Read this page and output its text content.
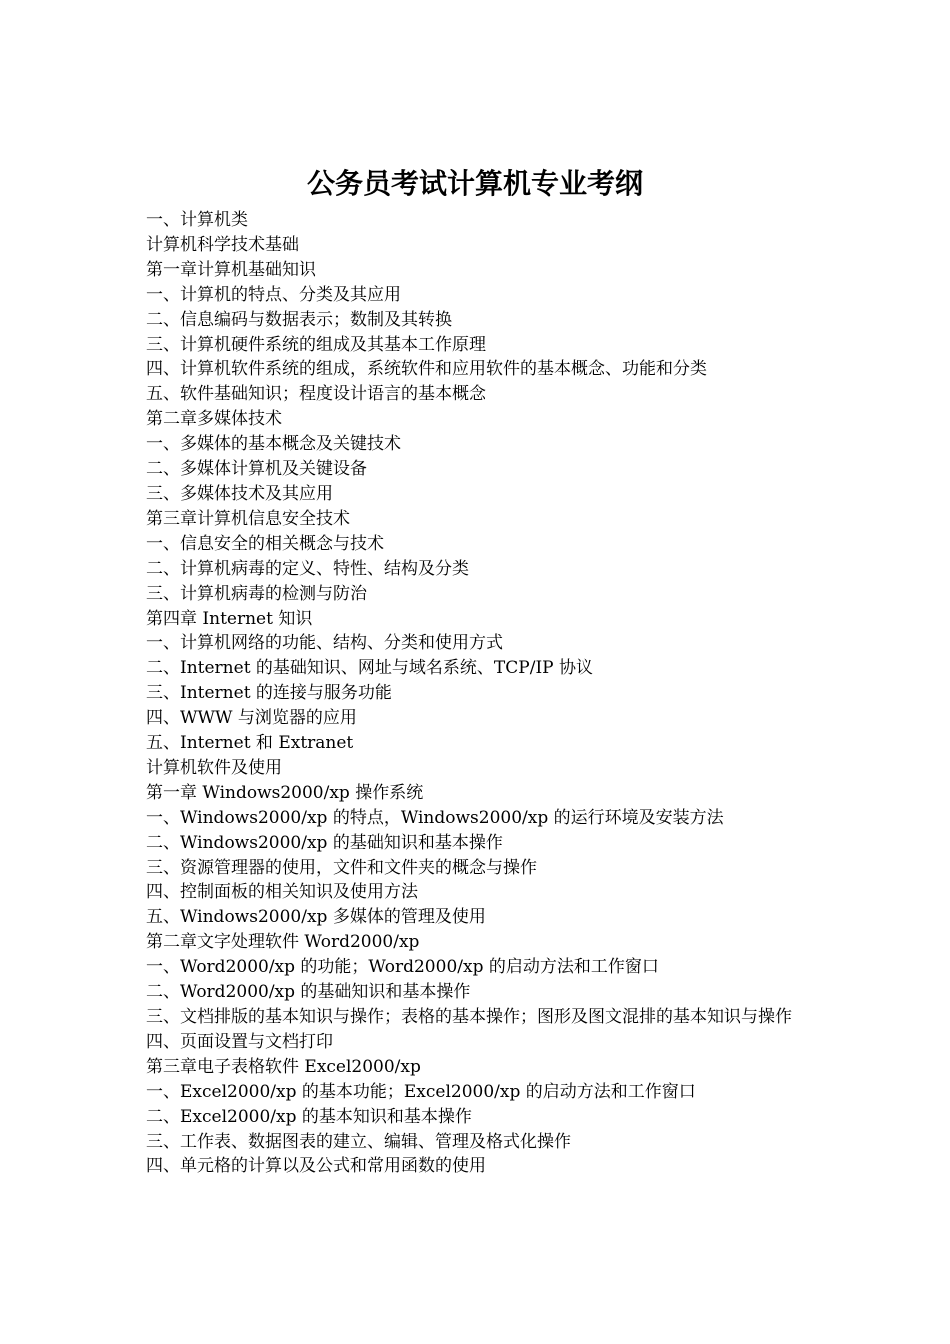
公务员考试计算机专业考纲
一、计算机类
计算机科学技术基础
第一章计算机基础知识
一、计算机的特点、分类及其应用
二、信息编码与数据表示；数制及其转换
三、计算机硬件系统的组成及其基本工作原理
四、计算机软件系统的组成，系统软件和应用软件的基本概念、功能和分类
五、软件基础知识；程度设计语言的基本概念
第二章多媒体技术
一、多媒体的基本概念及关键技术
二、多媒体计算机及关键设备
三、多媒体技术及其应用
第三章计算机信息安全技术
一、信息安全的相关概念与技术
二、计算机病毒的定义、特性、结构及分类
三、计算机病毒的检测与防治
第四章 Internet 知识
一、计算机网络的功能、结构、分类和使用方式
二、Internet 的基础知识、网址与域名系统、TCP/IP 协议
三、Internet 的连接与服务功能
四、WWW 与浏览器的应用
五、Internet 和 Extranet
计算机软件及使用
第一章 Windows2000/xp 操作系统
一、Windows2000/xp 的特点，Windows2000/xp 的运行环境及安装方法
二、Windows2000/xp 的基础知识和基本操作
三、资源管理器的使用，文件和文件夹的概念与操作
四、控制面板的相关知识及使用方法
五、Windows2000/xp 多媒体的管理及使用
第二章文字处理软件 Word2000/xp
一、Word2000/xp 的功能；Word2000/xp 的启动方法和工作窗口
二、Word2000/xp 的基础知识和基本操作
三、文档排版的基本知识与操作；表格的基本操作；图形及图文混排的基本知识与操作
四、页面设置与文档打印
第三章电子表格软件 Excel2000/xp
一、Excel2000/xp 的基本功能；Excel2000/xp 的启动方法和工作窗口
二、Excel2000/xp 的基本知识和基本操作
三、工作表、数据图表的建立、编辑、管理及格式化操作
四、单元格的计算以及公式和常用函数的使用
